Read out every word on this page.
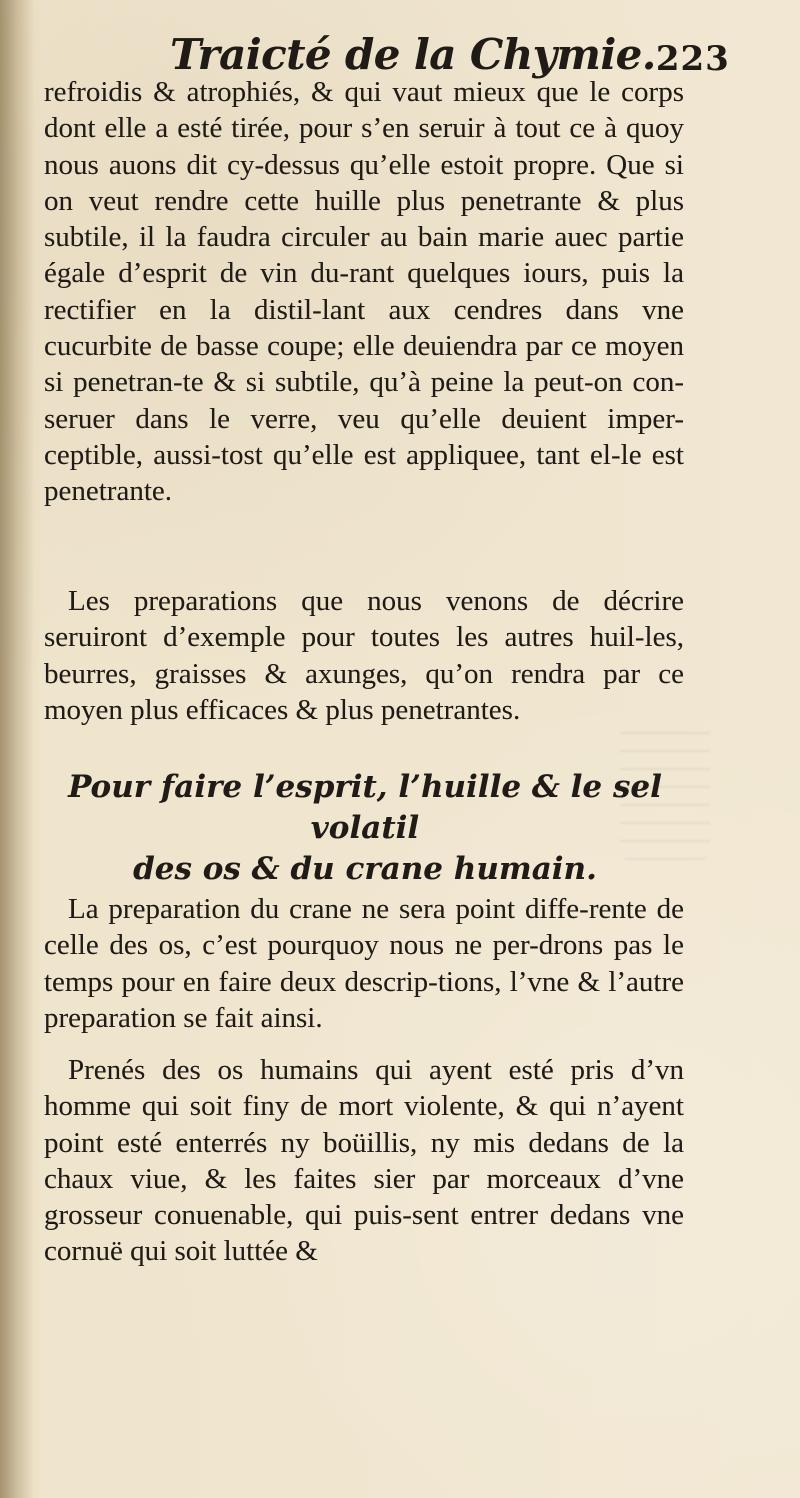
Traicté de la Chymie. 223

refroidis & atrophiés, & qui vaut mieux que le corps dont elle a esté tirée, pour s’en seruir à tout ce à quoy nous auons dit cy-dessus qu’elle estoit propre. Que si on veut rendre cette huille plus penetrante & plus subtile, il la faudra circuler au bain marie auec partie égale d’esprit de vin du-rant quelques iours, puis la rectifier en la distil-lant aux cendres dans vne cucurbite de basse coupe; elle deuiendra par ce moyen si penetran-te & si subtile, qu’à peine la peut-on con-seruer dans le verre, veu qu’elle deuient imper-ceptible, aussi-tost qu’elle est appliquee, tant el-le est penetrante.

Les preparations que nous venons de décrire seruiront d’exemple pour toutes les autres huil-les, beurres, graisses & axunges, qu’on rendra par ce moyen plus efficaces & plus penetrantes.

Pour faire l’esprit, l’huille & le sel volatil

des os & du crane humain.

La preparation du crane ne sera point diffe-rente de celle des os, c’est pourquoy nous ne per-drons pas le temps pour en faire deux descrip-tions, l’vne & l’autre preparation se fait ainsi.

Prenés des os humains qui ayent esté pris d’vn homme qui soit finy de mort violente, & qui n’ayent point esté enterrés ny boüillis, ny mis dedans de la chaux viue, & les faites sier par morceaux d’vne grosseur conuenable, qui puis-sent entrer dedans vne cornuë qui soit luttée &
